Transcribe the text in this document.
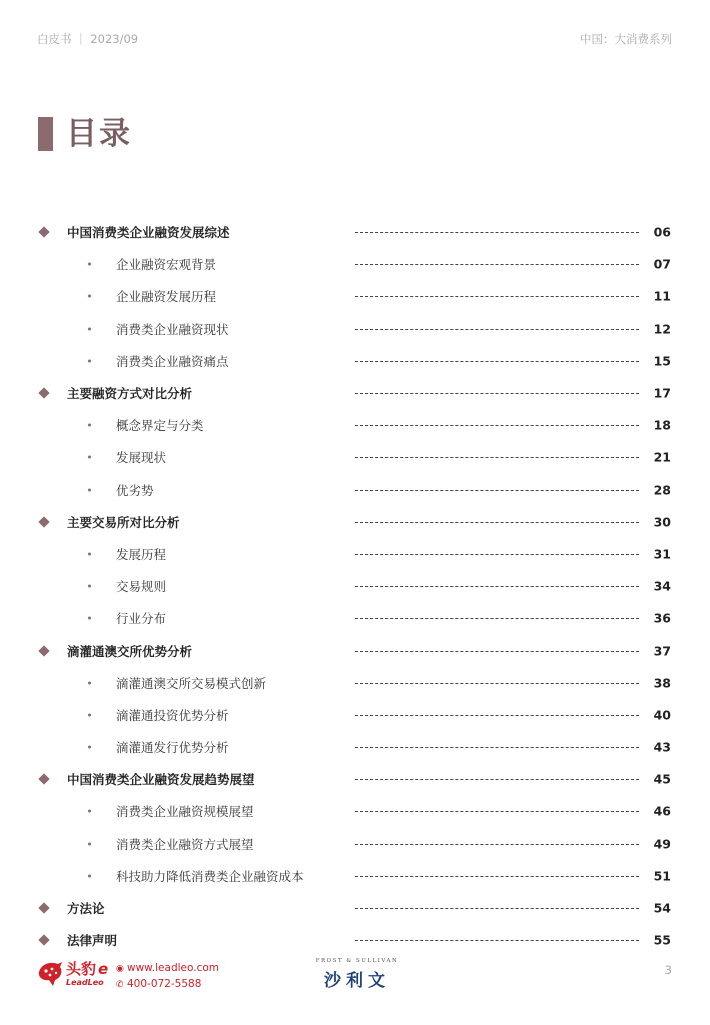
白皮书 ｜ 2023/09	中国：大消费系列
目录
中国消费类企业融资发展综述	06
企业融资宏观背景	07
企业融资发展历程	11
消费类企业融资现状	12
消费类企业融资痛点	15
主要融资方式对比分析	17
概念界定与分类	18
发展现状	21
优劣势	28
主要交易所对比分析	30
发展历程	31
交易规则	34
行业分布	36
滴灌通澳交所优势分析	37
滴灌通澳交所交易模式创新	38
滴灌通投资优势分析	40
滴灌通发行优势分析	43
中国消费类企业融资发展趋势展望	45
消费类企业融资规模展望	46
消费类企业融资方式展望	49
科技助力降低消费类企业融资成本	51
方法论	54
法律声明	55
头豹 e
LeadLeo
◉ www.leadleo.com
✆ 400-072-5588
FROST & SULLIVAN
沙利文
3
